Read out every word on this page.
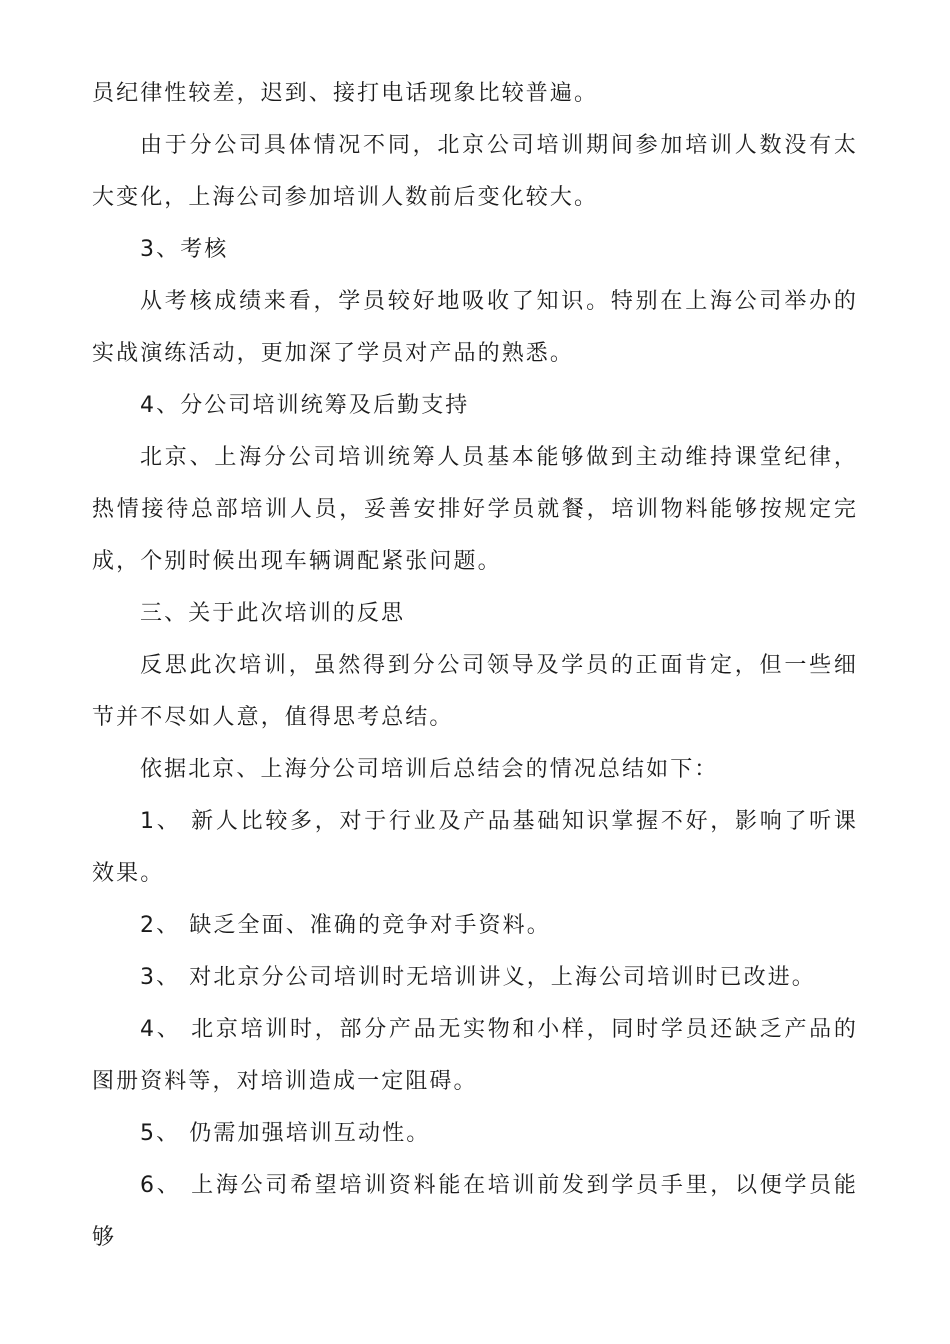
员纪律性较差，迟到、接打电话现象比较普遍。

由于分公司具体情况不同，北京公司培训期间参加培训人数没有太大变化，上海公司参加培训人数前后变化较大。

3、考核

从考核成绩来看，学员较好地吸收了知识。特别在上海公司举办的实战演练活动，更加深了学员对产品的熟悉。

4、分公司培训统筹及后勤支持

北京、上海分公司培训统筹人员基本能够做到主动维持课堂纪律，热情接待总部培训人员，妥善安排好学员就餐，培训物料能够按规定完成，个别时候出现车辆调配紧张问题。

三、关于此次培训的反思

反思此次培训，虽然得到分公司领导及学员的正面肯定，但一些细节并不尽如人意，值得思考总结。

依据北京、上海分公司培训后总结会的情况总结如下：

1、 新人比较多，对于行业及产品基础知识掌握不好，影响了听课效果。

2、 缺乏全面、准确的竞争对手资料。

3、 对北京分公司培训时无培训讲义，上海公司培训时已改进。

4、 北京培训时，部分产品无实物和小样，同时学员还缺乏产品的图册资料等，对培训造成一定阻碍。

5、 仍需加强培训互动性。

6、 上海公司希望培训资料能在培训前发到学员手里，以便学员能够
